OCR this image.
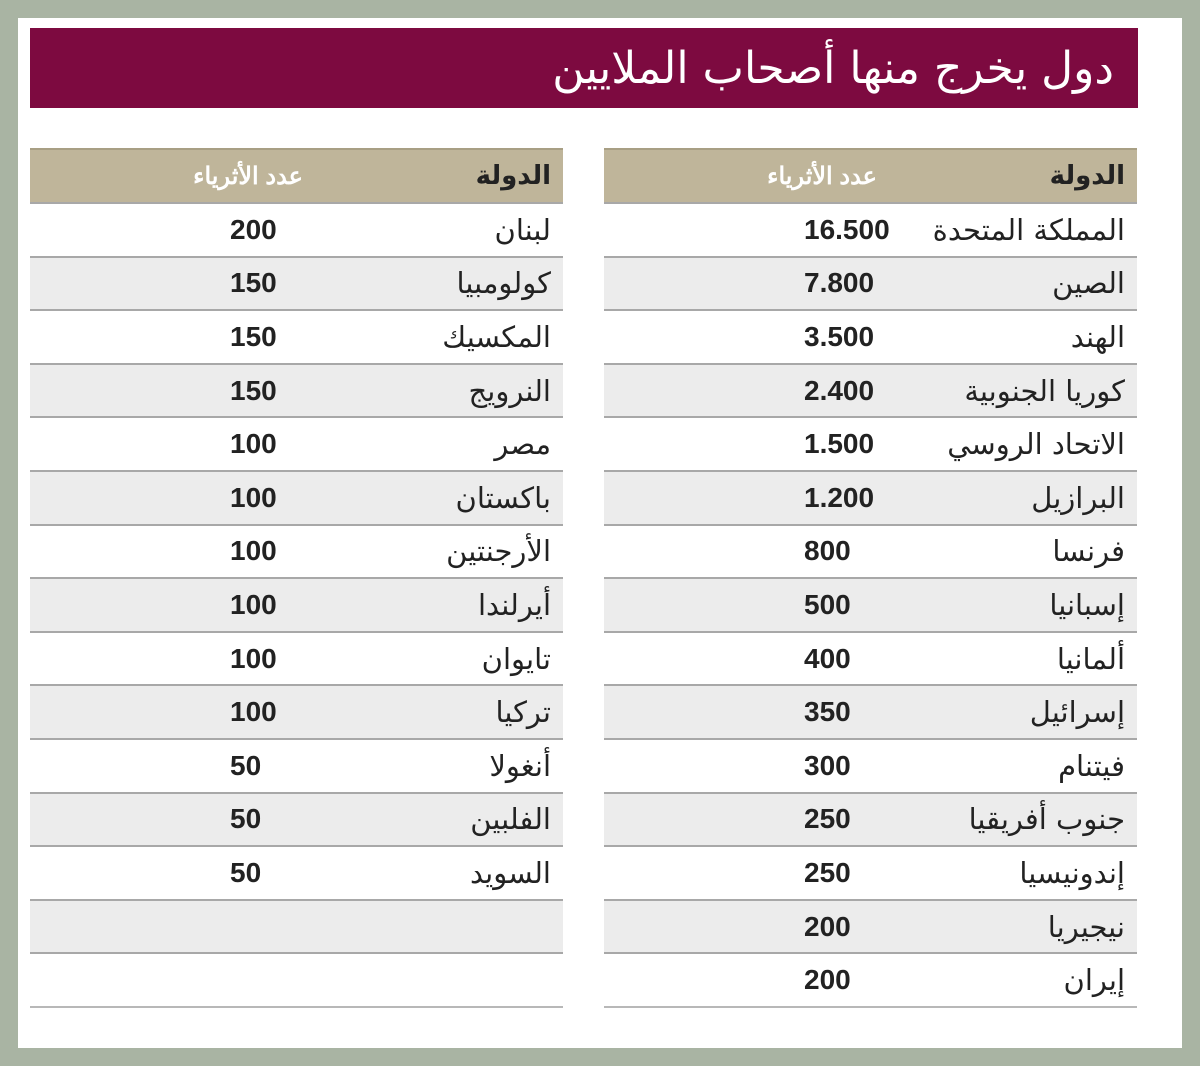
دول يخرج منها أصحاب الملايين
الدولة
عدد الأثرياء
المملكة المتحدة
16.500
الصين
7.800
الهند
3.500
كوريا الجنوبية
2.400
الاتحاد الروسي
1.500
البرازيل
1.200
فرنسا
800
إسبانيا
500
ألمانيا
400
إسرائيل
350
فيتنام
300
جنوب أفريقيا
250
إندونيسيا
250
نيجيريا
200
إيران
200
الدولة
عدد الأثرياء
لبنان
200
كولومبيا
150
المكسيك
150
النرويج
150
مصر
100
باكستان
100
الأرجنتين
100
أيرلندا
100
تايوان
100
تركيا
100
أنغولا
50
الفلبين
50
السويد
50
